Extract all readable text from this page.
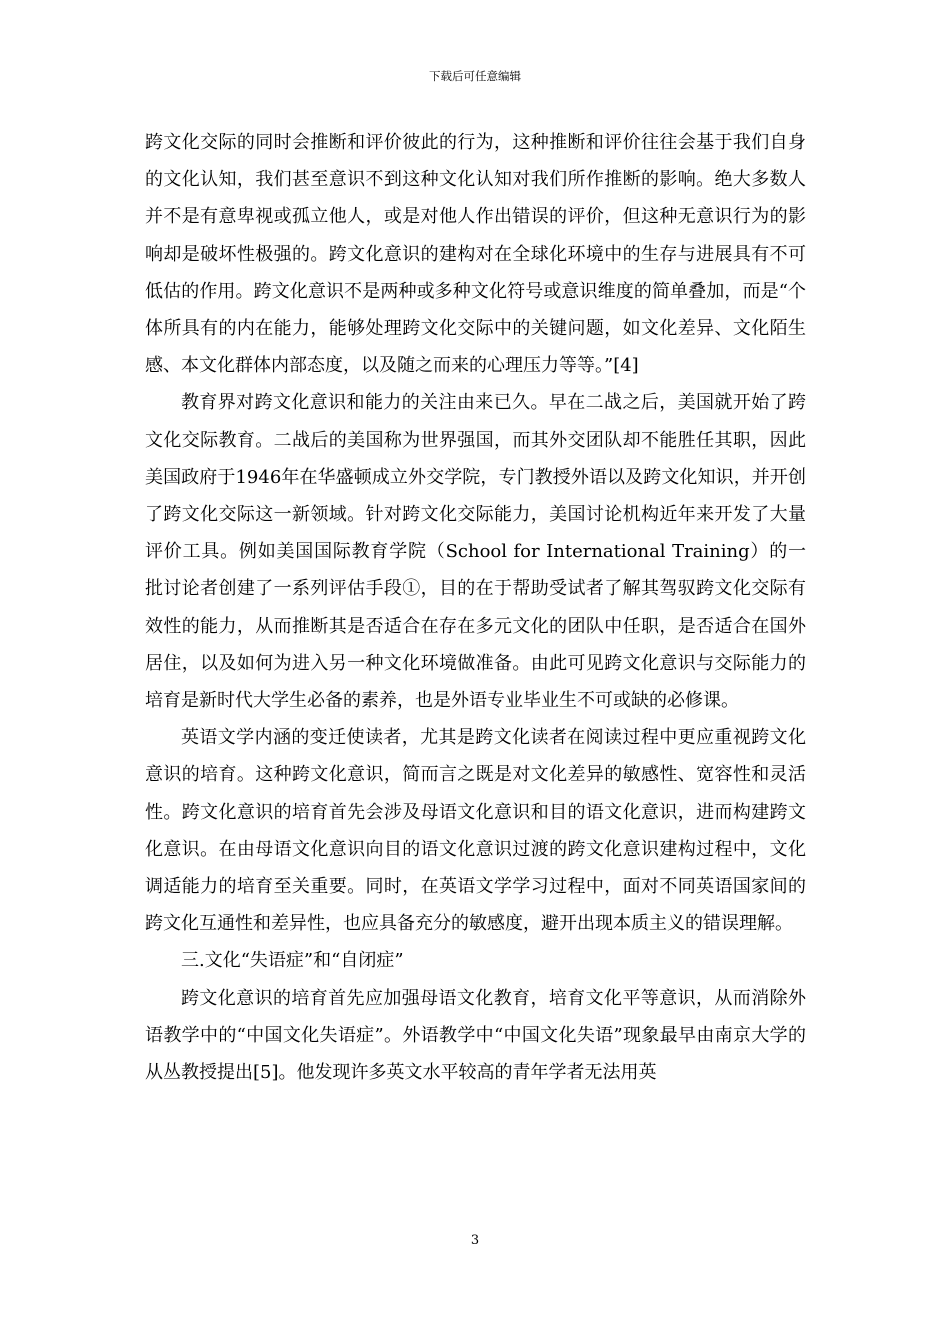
下载后可任意编辑

跨文化交际的同时会推断和评价彼此的行为，这种推断和评价往往会基于我们自身的文化认知，我们甚至意识不到这种文化认知对我们所作推断的影响。绝大多数人并不是有意卑视或孤立他人，或是对他人作出错误的评价，但这种无意识行为的影响却是破坏性极强的。跨文化意识的建构对在全球化环境中的生存与进展具有不可低估的作用。跨文化意识不是两种或多种文化符号或意识维度的简单叠加，而是“个体所具有的内在能力，能够处理跨文化交际中的关键问题，如文化差异、文化陌生感、本文化群体内部态度，以及随之而来的心理压力等等。”[4]

教育界对跨文化意识和能力的关注由来已久。早在二战之后，美国就开始了跨文化交际教育。二战后的美国称为世界强国，而其外交团队却不能胜任其职，因此美国政府于1946年在华盛顿成立外交学院，专门教授外语以及跨文化知识，并开创了跨文化交际这一新领域。针对跨文化交际能力，美国讨论机构近年来开发了大量评价工具。例如美国国际教育学院（School for International Training）的一批讨论者创建了一系列评估手段①，目的在于帮助受试者了解其驾驭跨文化交际有效性的能力，从而推断其是否适合在存在多元文化的团队中任职，是否适合在国外居住，以及如何为进入另一种文化环境做准备。由此可见跨文化意识与交际能力的培育是新时代大学生必备的素养，也是外语专业毕业生不可或缺的必修课。

英语文学内涵的变迁使读者，尤其是跨文化读者在阅读过程中更应重视跨文化意识的培育。这种跨文化意识，简而言之既是对文化差异的敏感性、宽容性和灵活性。跨文化意识的培育首先会涉及母语文化意识和目的语文化意识，进而构建跨文化意识。在由母语文化意识向目的语文化意识过渡的跨文化意识建构过程中，文化调适能力的培育至关重要。同时，在英语文学学习过程中，面对不同英语国家间的跨文化互通性和差异性，也应具备充分的敏感度，避开出现本质主义的错误理解。

三.文化“失语症”和“自闭症”

跨文化意识的培育首先应加强母语文化教育，培育文化平等意识，从而消除外语教学中的“中国文化失语症”。外语教学中“中国文化失语”现象最早由南京大学的从丛教授提出[5]。他发现许多英文水平较高的青年学者无法用英

3
